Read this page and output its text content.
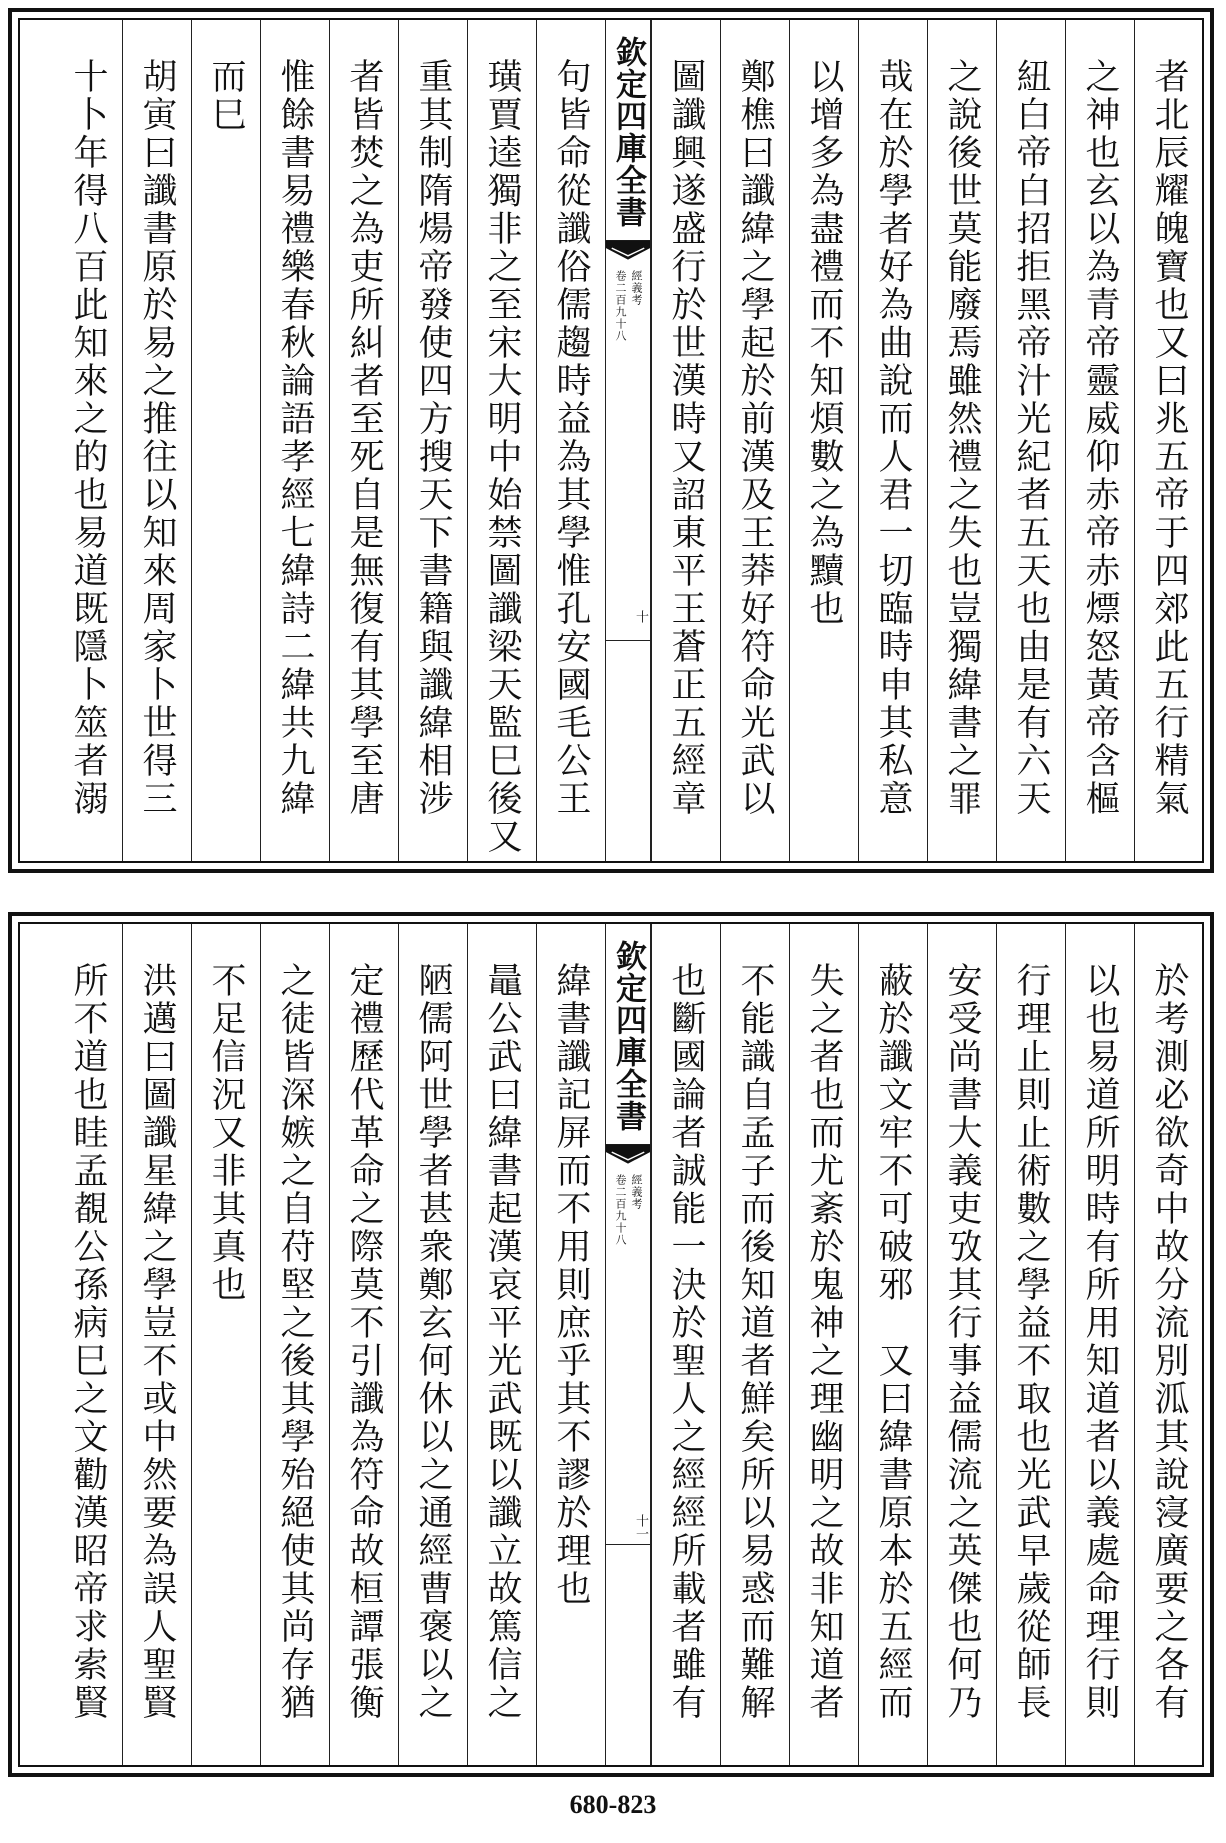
者北辰耀魄寶也又曰兆五帝于四郊此五行精氣
之神也玄以為青帝靈威仰赤帝赤熛怒黃帝含樞
紐白帝白招拒黑帝汁光紀者五天也由是有六天
之說後世莫能廢焉雖然禮之失也豈獨緯書之罪
哉在於學者好為曲說而人君一切臨時申其私意
以增多為盡禮而不知煩數之為黷也
鄭樵曰讖緯之學起於前漢及王莽好符命光武以
圖讖興遂盛行於世漢時又詔東平王蒼正五經章
欽定四庫全書
經義考
卷二百九十八
十
句皆命從讖俗儒趨時益為其學惟孔安國毛公王
璜賈逵獨非之至宋大明中始禁圖讖梁天監巳後又
重其制隋煬帝發使四方搜天下書籍與讖緯相涉
者皆焚之為吏所糾者至死自是無復有其學至唐
惟餘書易禮樂春秋論語孝經七緯詩二緯共九緯
而巳
胡寅曰讖書原於易之推往以知來周家卜世得三
十卜年得八百此知來之的也易道既隱卜筮者溺
於考測必欲奇中故分流別泒其說寖廣要之各有
以也易道所明時有所用知道者以義處命理行則
行理止則止術數之學益不取也光武早歲從師長
安受尚書大義吏攷其行事益儒流之英傑也何乃
蔽於讖文牢不可破邪　又曰緯書原本於五經而
失之者也而尤紊於鬼神之理幽明之故非知道者
不能識自孟子而後知道者鮮矣所以易惑而難解
也斷國論者誠能一決於聖人之經經所載者雖有
欽定四庫全書
經義考
卷二百九十八
十一
緯書讖記屏而不用則庶乎其不謬於理也
鼂公武曰緯書起漢哀平光武既以讖立故篤信之
陋儒阿世學者甚衆鄭玄何休以之通經曹褒以之
定禮歷代革命之際莫不引讖為符命故桓譚張衡
之徒皆深嫉之自苻堅之後其學殆絕使其尚存猶
不足信況又非其真也
洪邁曰圖讖星緯之學豈不或中然要為誤人聖賢
所不道也眭孟覩公孫病巳之文勸漢昭帝求索賢
680-823
